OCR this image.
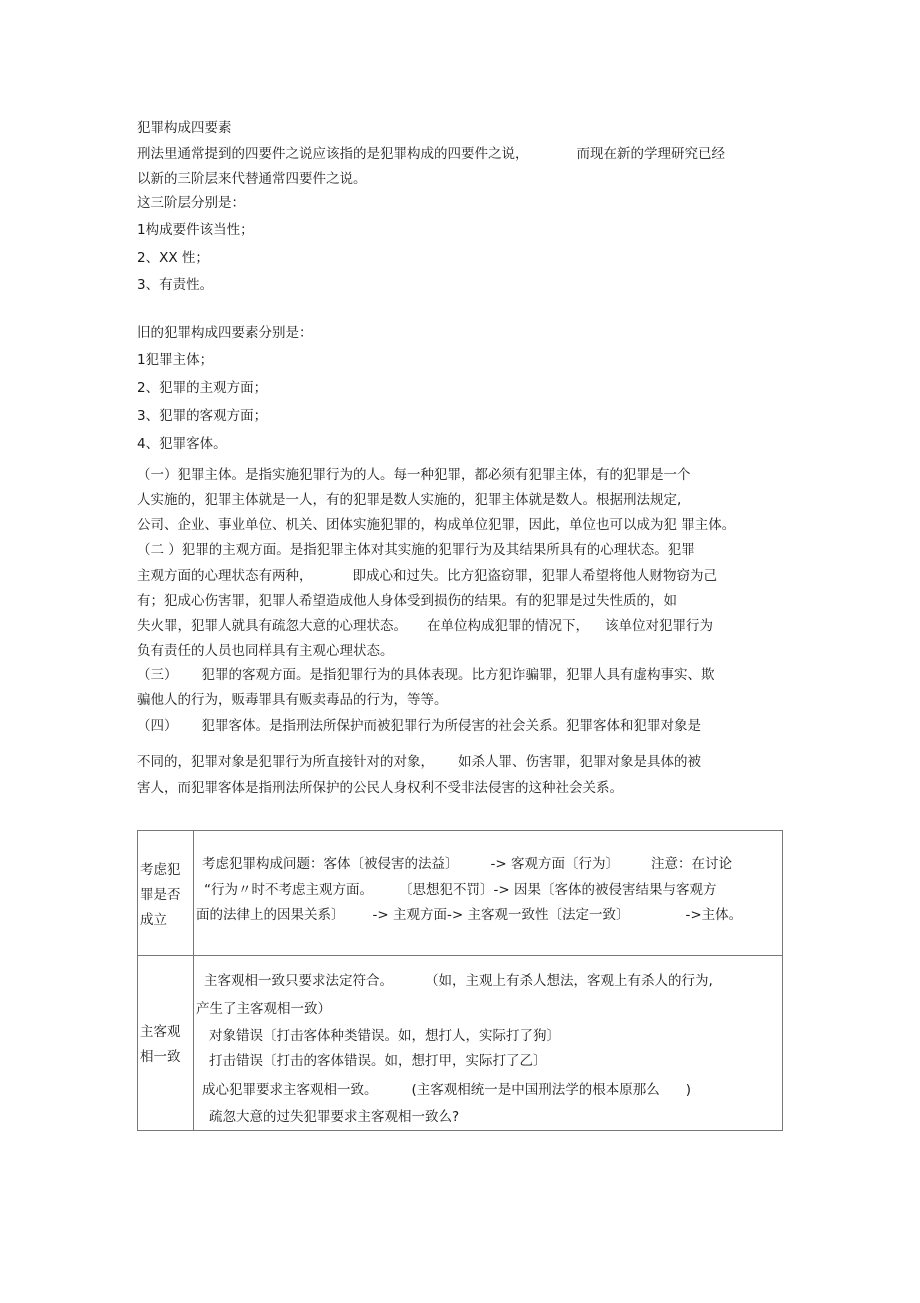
犯罪构成四要素
刑法里通常提到的四要件之说应该指的是犯罪构成的四要件之说，	而现在新的学理研究已经
以新的三阶层来代替通常四要件之说。
这三阶层分别是：
1构成要件该当性；
2、XX 性；
3、有责性。
旧的犯罪构成四要素分别是：
1犯罪主体；
2、犯罪的主观方面；
3、犯罪的客观方面；
4、犯罪客体。
（一）犯罪主体。是指实施犯罪行为的人。每一种犯罪，都必须有犯罪主体，有的犯罪是一个
人实施的，犯罪主体就是一人，有的犯罪是数人实施的，犯罪主体就是数人。根据刑法规定,
公司、企业、事业单位、机关、团体实施犯罪的，构成单位犯罪，因此，单位也可以成为犯 罪主体。
（二 ）犯罪的主观方面。是指犯罪主体对其实施的犯罪行为及其结果所具有的心理状态。犯罪
主观方面的心理状态有两种，	即成心和过失。比方犯盗窃罪，犯罪人希望将他人财物窃为己
有；犯成心伤害罪，犯罪人希望造成他人身体受到损伤的结果。有的犯罪是过失性质的，如
失火罪，犯罪人就具有疏忽大意的心理状态。 在单位构成犯罪的情况下， 该单位对犯罪行为
负有责任的人员也同样具有主观心理状态。
（三） 犯罪的客观方面。是指犯罪行为的具体表现。比方犯诈骗罪，犯罪人具有虚构事实、欺
骗他人的行为，贩毒罪具有贩卖毒品的行为，等等。
（四） 犯罪客体。是指刑法所保护而被犯罪行为所侵害的社会关系。犯罪客体和犯罪对象是
不同的，犯罪对象是犯罪行为所直接针对的对象， 如杀人罪、伤害罪，犯罪对象是具体的被
害人，而犯罪客体是指刑法所保护的公民人身权利不受非法侵害的这种社会关系。
考虑犯
罪是否
成立
考虑犯罪构成问题：客体〔被侵害的法益〕 -> 客观方面〔行为〕 注意：在讨论
“行为〃时不考虑主观方面。 〔思想犯不罚〕-> 因果〔客体的被侵害结果与客观方
面的法律上的因果关系〕 -> 主观方面-> 主客观一致性〔法定一致〕	->主体。
主客观
相一致
主客观相一致只要求法定符合。 （如，主观上有杀人想法，客观上有杀人的行为,
产生了主客观相一致）
对象错误〔打击客体种类错误。如，想打人，实际打了狗〕
打击错误〔打击的客体错误。如，想打甲，实际打了乙〕
成心犯罪要求主客观相一致。	(主客观相统一是中国刑法学的根本原那么 )
疏忽大意的过失犯罪要求主客观相一致么?
